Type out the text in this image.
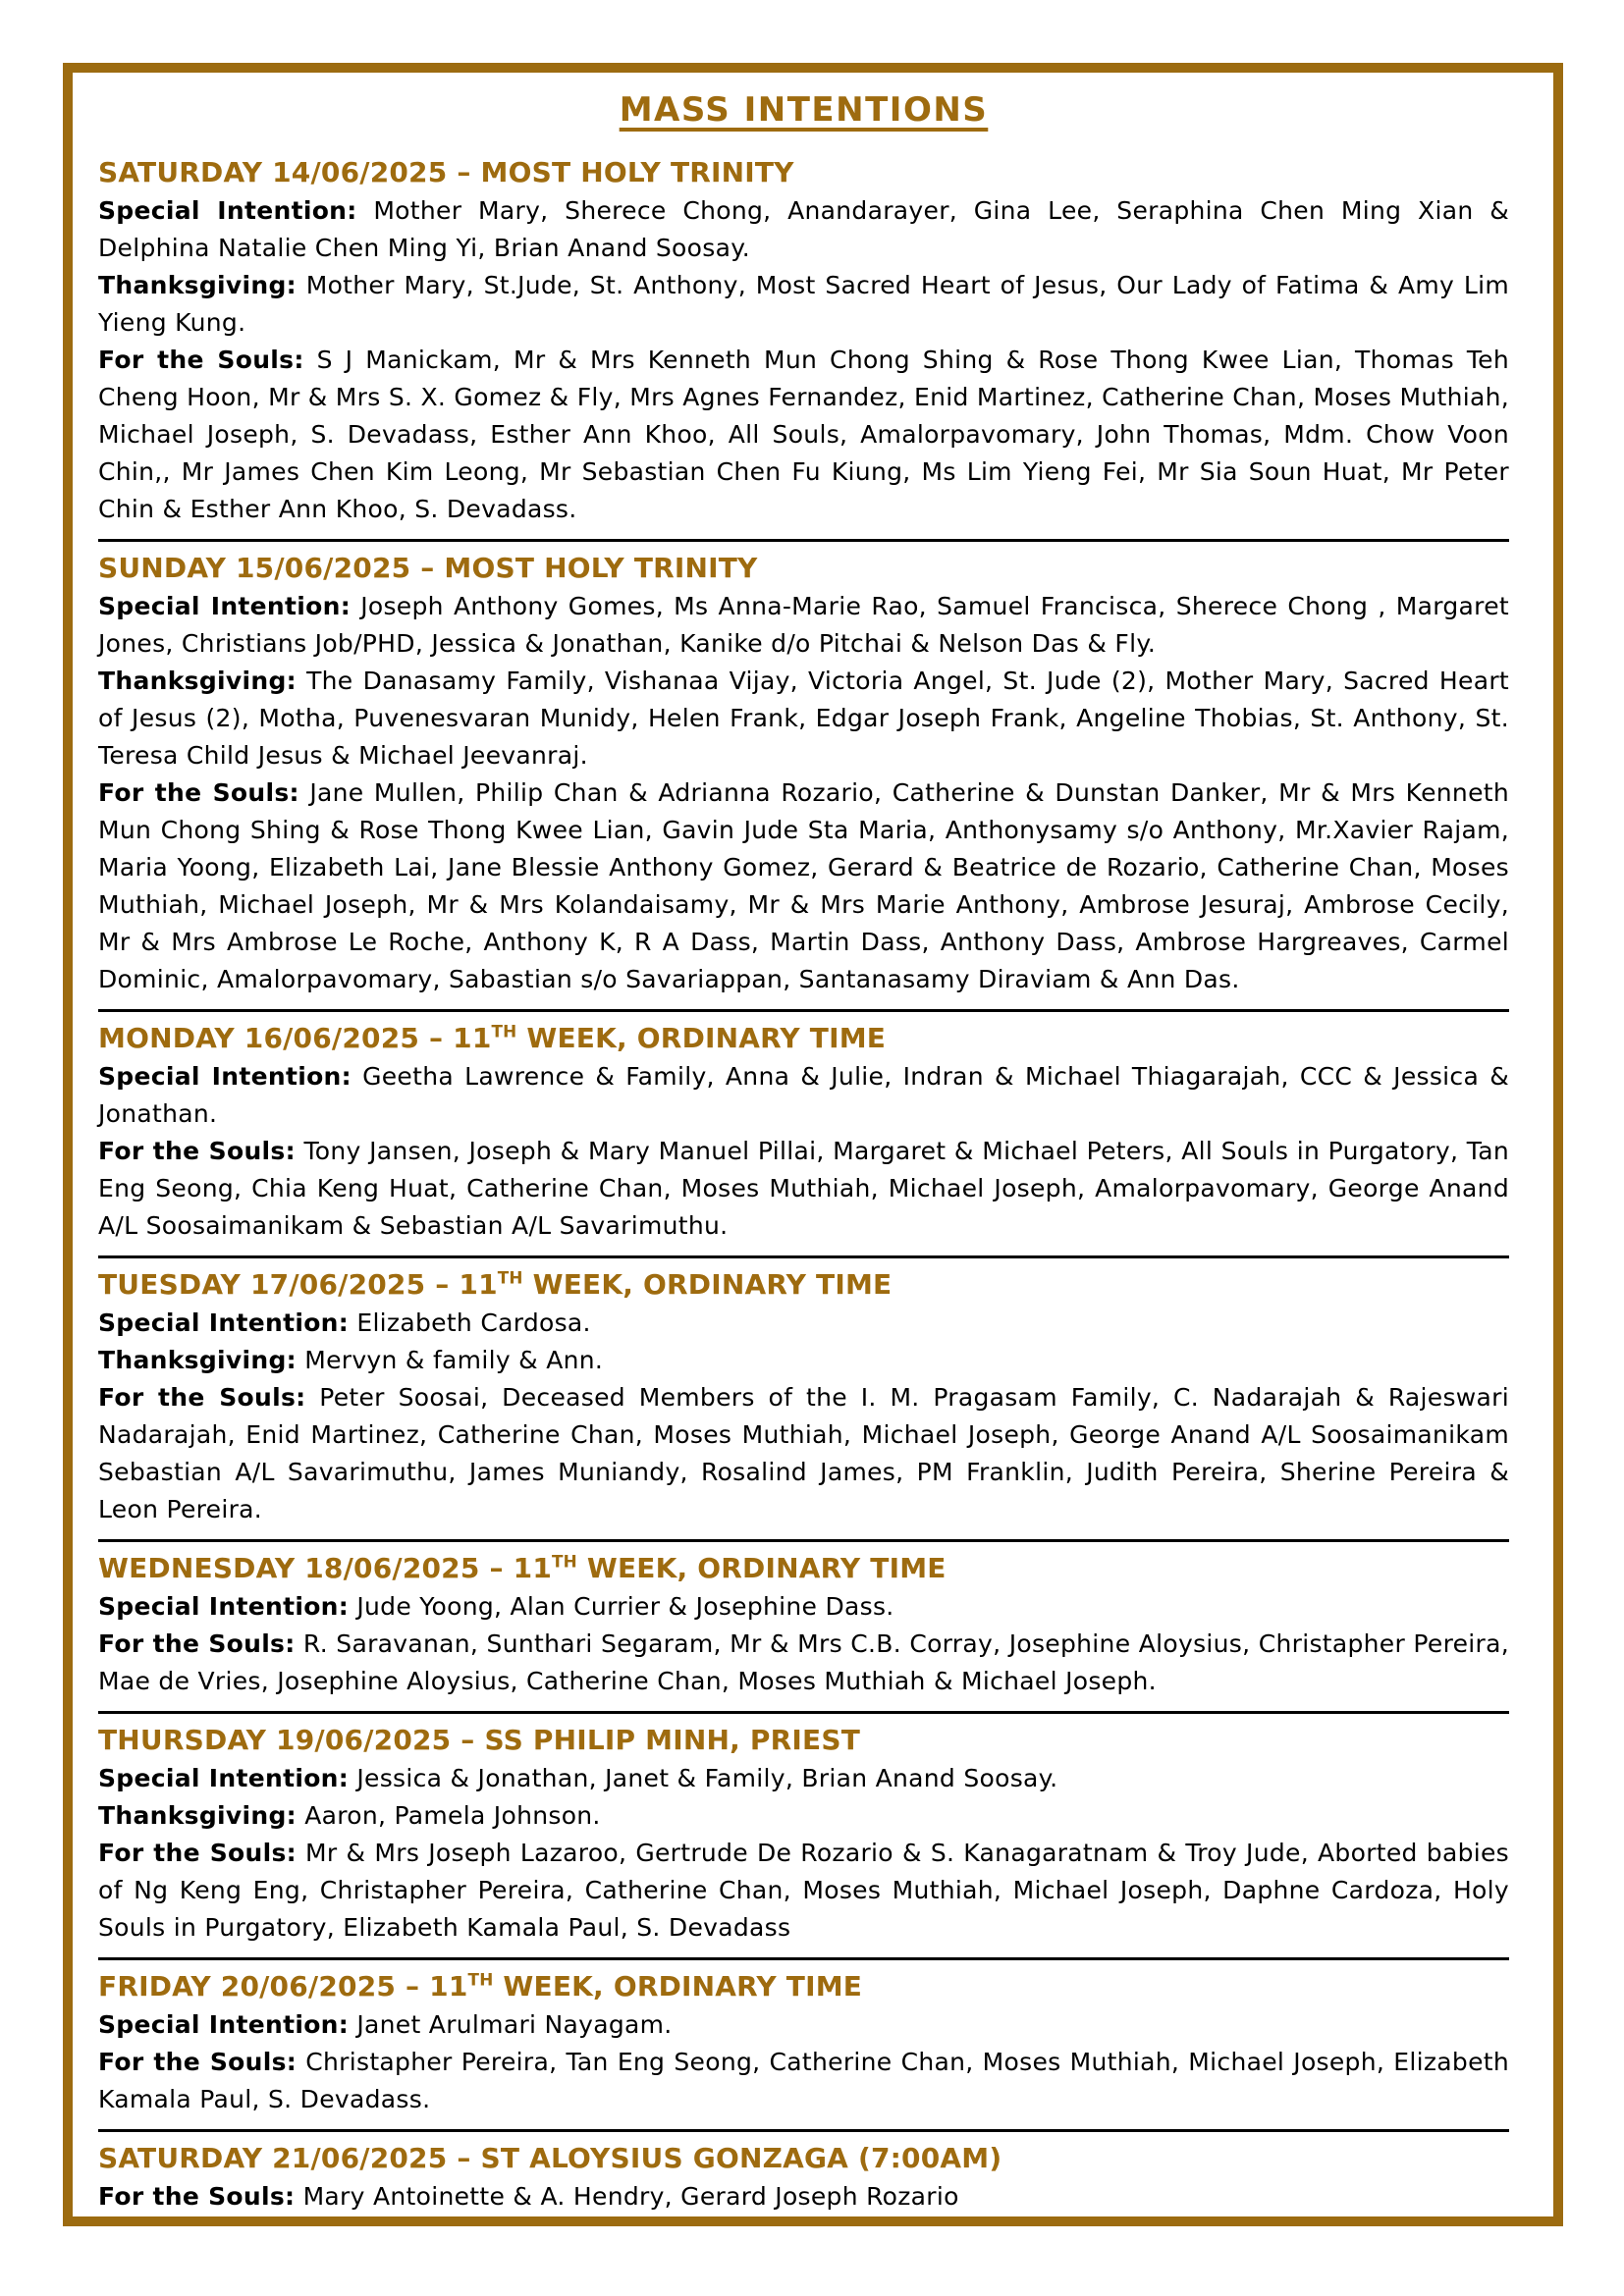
MASS INTENTIONS
SATURDAY 14/06/2025 – MOST HOLY TRINITY

Special Intention: Mother Mary, Sherece Chong, Anandarayer, Gina Lee, Seraphina Chen Ming Xian & Delphina Natalie Chen Ming Yi, Brian Anand Soosay.

Thanksgiving: Mother Mary, St.Jude, St. Anthony, Most Sacred Heart of Jesus, Our Lady of Fatima & Amy Lim Yieng Kung.

For the Souls: S J Manickam, Mr & Mrs Kenneth Mun Chong Shing & Rose Thong Kwee Lian, Thomas Teh Cheng Hoon, Mr & Mrs S. X. Gomez & Fly, Mrs Agnes Fernandez, Enid Martinez, Catherine Chan, Moses Muthiah, Michael Joseph, S. Devadass, Esther Ann Khoo, All Souls, Amalorpavomary, John Thomas, Mdm. Chow Voon Chin,, Mr James Chen Kim Leong, Mr Sebastian Chen Fu Kiung, Ms Lim Yieng Fei, Mr Sia Soun Huat, Mr Peter Chin & Esther Ann Khoo, S. Devadass.

SUNDAY 15/06/2025 – MOST HOLY TRINITY

Special Intention: Joseph Anthony Gomes, Ms Anna-Marie Rao, Samuel Francisca, Sherece Chong , Margaret Jones, Christians Job/PHD, Jessica & Jonathan, Kanike d/o Pitchai & Nelson Das & Fly.

Thanksgiving: The Danasamy Family, Vishanaa Vijay, Victoria Angel, St. Jude (2), Mother Mary, Sacred Heart of Jesus (2), Motha, Puvenesvaran Munidy, Helen Frank, Edgar Joseph Frank, Angeline Thobias, St. Anthony, St. Teresa Child Jesus & Michael Jeevanraj.

For the Souls: Jane Mullen, Philip Chan & Adrianna Rozario, Catherine & Dunstan Danker, Mr & Mrs Kenneth Mun Chong Shing & Rose Thong Kwee Lian, Gavin Jude Sta Maria, Anthonysamy s/o Anthony, Mr.Xavier Rajam, Maria Yoong, Elizabeth Lai, Jane Blessie Anthony Gomez, Gerard & Beatrice de Rozario, Catherine Chan, Moses Muthiah, Michael Joseph, Mr & Mrs Kolandaisamy, Mr & Mrs Marie Anthony, Ambrose Jesuraj, Ambrose Cecily, Mr & Mrs Ambrose Le Roche, Anthony K, R A Dass, Martin Dass, Anthony Dass, Ambrose Hargreaves, Carmel Dominic, Amalorpavomary, Sabastian s/o Savariappan, Santanasamy Diraviam & Ann Das.

MONDAY 16/06/2025 – 11TH WEEK, ORDINARY TIME

Special Intention: Geetha Lawrence & Family, Anna & Julie, Indran & Michael Thiagarajah, CCC & Jessica & Jonathan.

For the Souls: Tony Jansen, Joseph & Mary Manuel Pillai, Margaret & Michael Peters, All Souls in Purgatory, Tan Eng Seong, Chia Keng Huat, Catherine Chan, Moses Muthiah, Michael Joseph, Amalorpavomary, George Anand A/L Soosaimanikam & Sebastian A/L Savarimuthu.

TUESDAY 17/06/2025 – 11TH WEEK, ORDINARY TIME

Special Intention: Elizabeth Cardosa.

Thanksgiving: Mervyn & family & Ann.

For the Souls: Peter Soosai, Deceased Members of the I. M. Pragasam Family, C. Nadarajah & Rajeswari Nadarajah, Enid Martinez, Catherine Chan, Moses Muthiah, Michael Joseph, George Anand A/L Soosaimanikam Sebastian A/L Savarimuthu, James Muniandy, Rosalind James, PM Franklin, Judith Pereira, Sherine Pereira & Leon Pereira.

WEDNESDAY 18/06/2025 – 11TH WEEK, ORDINARY TIME

Special Intention: Jude Yoong, Alan Currier & Josephine Dass.

For the Souls: R. Saravanan, Sunthari Segaram, Mr & Mrs C.B. Corray, Josephine Aloysius, Christapher Pereira, Mae de Vries, Josephine Aloysius, Catherine Chan, Moses Muthiah & Michael Joseph.

THURSDAY 19/06/2025 – SS PHILIP MINH, PRIEST

Special Intention: Jessica & Jonathan, Janet & Family, Brian Anand Soosay.

Thanksgiving: Aaron, Pamela Johnson.

For the Souls: Mr & Mrs Joseph Lazaroo, Gertrude De Rozario & S. Kanagaratnam & Troy Jude, Aborted babies of Ng Keng Eng, Christapher Pereira, Catherine Chan, Moses Muthiah, Michael Joseph, Daphne Cardoza, Holy Souls in Purgatory, Elizabeth Kamala Paul, S. Devadass

FRIDAY 20/06/2025 – 11TH WEEK, ORDINARY TIME

Special Intention: Janet Arulmari Nayagam.

For the Souls: Christapher Pereira, Tan Eng Seong, Catherine Chan, Moses Muthiah, Michael Joseph, Elizabeth Kamala Paul, S. Devadass.

SATURDAY 21/06/2025 – ST ALOYSIUS GONZAGA (7:00AM)

For the Souls: Mary Antoinette & A. Hendry, Gerard Joseph Rozario
